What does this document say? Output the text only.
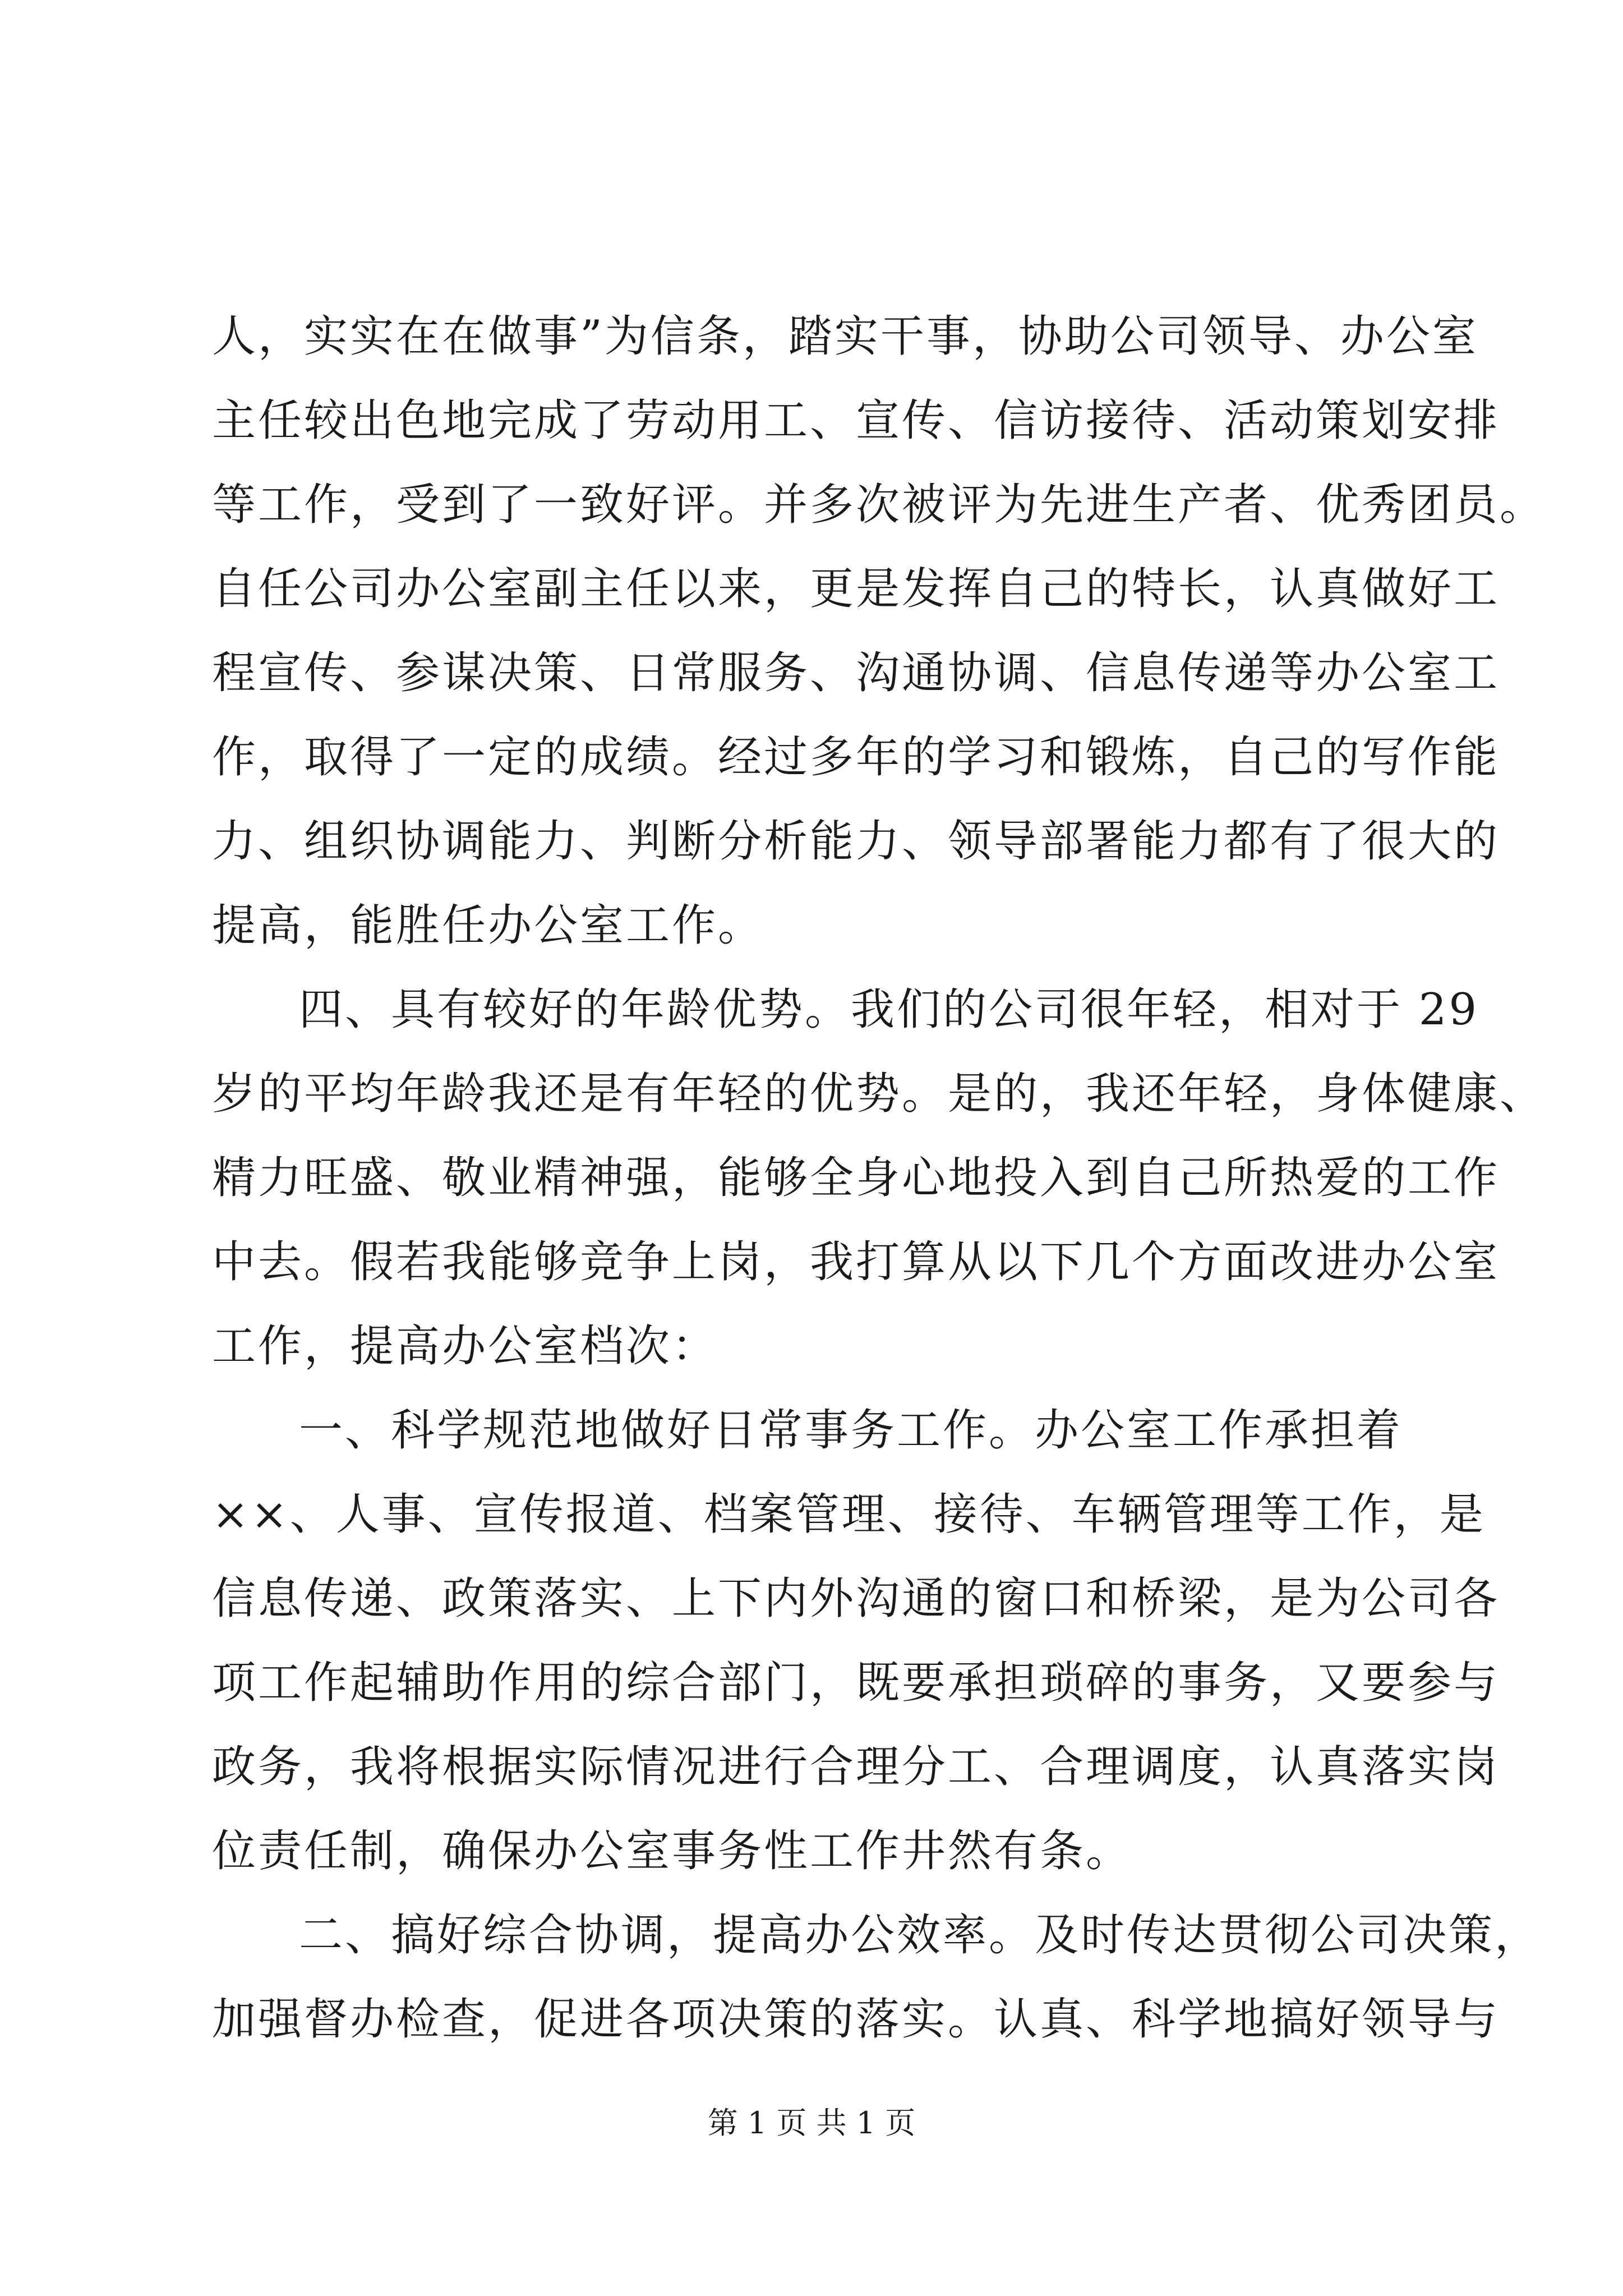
人，实实在在做事”为信条，踏实干事，协助公司领导、办公室
主任较出色地完成了劳动用工、宣传、信访接待、活动策划安排
等工作，受到了一致好评。并多次被评为先进生产者、优秀团员。
自任公司办公室副主任以来，更是发挥自己的特长，认真做好工
程宣传、参谋决策、日常服务、沟通协调、信息传递等办公室工
作，取得了一定的成绩。经过多年的学习和锻炼，自己的写作能
力、组织协调能力、判断分析能力、领导部署能力都有了很大的
提高，能胜任办公室工作。
四、具有较好的年龄优势。我们的公司很年轻，相对于 29
岁的平均年龄我还是有年轻的优势。是的，我还年轻，身体健康、
精力旺盛、敬业精神强，能够全身心地投入到自己所热爱的工作
中去。假若我能够竞争上岗，我打算从以下几个方面改进办公室
工作，提高办公室档次：
一、科学规范地做好日常事务工作。办公室工作承担着
××、人事、宣传报道、档案管理、接待、车辆管理等工作，是
信息传递、政策落实、上下内外沟通的窗口和桥梁，是为公司各
项工作起辅助作用的综合部门，既要承担琐碎的事务，又要参与
政务，我将根据实际情况进行合理分工、合理调度，认真落实岗
位责任制，确保办公室事务性工作井然有条。
二、搞好综合协调，提高办公效率。及时传达贯彻公司决策，
加强督办检查，促进各项决策的落实。认真、科学地搞好领导与
第 1 页 共 1 页
